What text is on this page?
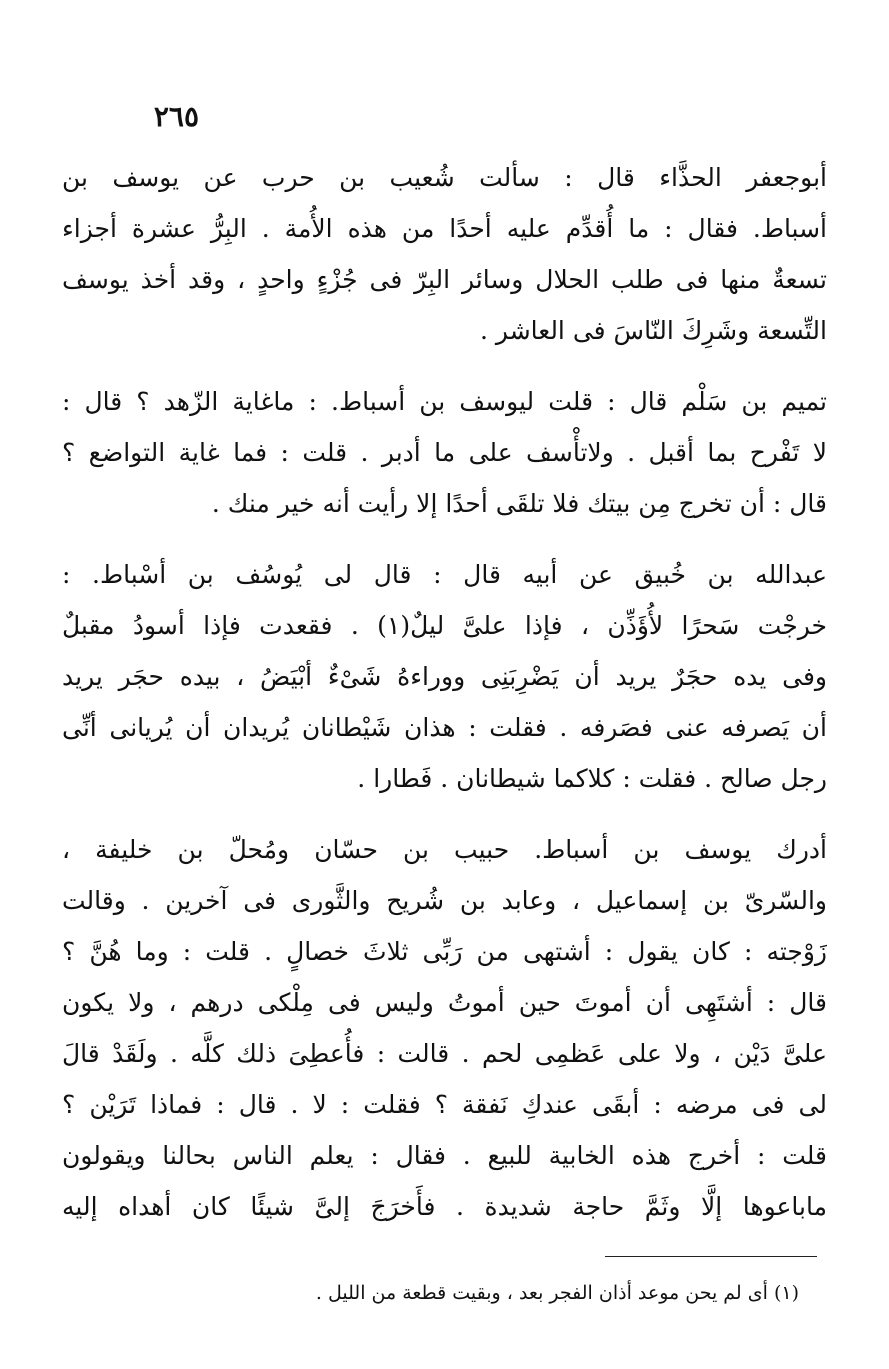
٢٦٥
أبوجعفر الحذَّاء قال : سألت شُعيب بن حرب عن يوسف بن
أسباط. فقال : ما أُقدِّم عليه أحدًا من هذه الأُمة . البِرُّ عشرة أجزاء
تسعةٌ منها فى طلب الحلال وسائر البِرّ فى جُزْءٍ واحدٍ ، وقد أخذ يوسف
التِّسعة وشَرِكَ النّاسَ فى العاشر .
تميم بن سَلْم قال : قلت ليوسف بن أسباط. : ماغاية الزّهد ؟ قال :
لا تَفْرح بما أقبل . ولاتأْسف على ما أدبر . قلت : فما غاية التواضع ؟
قال : أن تخرج مِن بيتك فلا تلقَى أحدًا إلا رأيت أنه خير منك .
عبدالله بن خُبيق عن أبيه قال : قال لى يُوسُف بن أسْباط. :
خرجْت سَحرًا لأُؤَذِّن ، فإذا علىَّ ليلٌ(١) . فقعدت فإذا أسودُ مقبلٌ
وفى يده حجَرٌ يريد أن يَضْرِبَنِى ووراءهُ شَىْءٌ أبْيَضُ ، بيده حجَر يريد
أن يَصرفه عنى فصَرفه . فقلت : هذان شَيْطانان يُريدان أن يُريانى أنِّى
رجل صالح . فقلت : كلاكما شيطانان . فَطارا .
أدرك يوسف بن أسباط. حبيب بن حسّان ومُحلّ بن خليفة ،
والسّرىّ بن إسماعيل ، وعابد بن شُريح والثَّورى فى آخرين . وقالت
زَوْجته : كان يقول : أشتهى من رَبِّى ثلاثَ خصالٍ . قلت : وما هُنَّ ؟
قال : أشتَهِى أن أموتَ حين أموتُ وليس فى مِلْكى درهم ، ولا يكون
علىَّ دَيْن ، ولا على عَظمِى لحم . قالت : فأُعطِىَ ذلك كلَّه . ولَقَدْ قالَ
لى فى مرضه : أبقَى عندكِ نَفقة ؟ فقلت : لا . قال : فماذا تَرَيْن ؟
قلت : أخرج هذه الخابية للبيع . فقال : يعلم الناس بحالنا ويقولون
ماباعوها إلَّا وثَمَّ حاجة شديدة . فأَخرَجَ إلىَّ شيئًا كان أهداه إليه
(١) أى لم يحن موعد أذان الفجر بعد ، وبقيت قطعة من الليل .
